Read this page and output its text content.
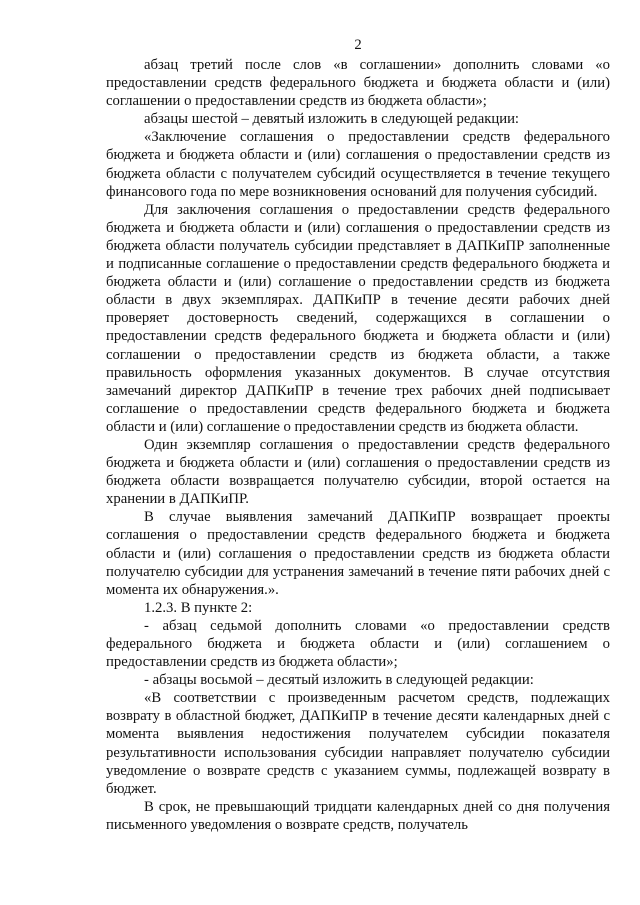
2

абзац третий после слов «в соглашении» дополнить словами «о предоставлении средств федерального бюджета и бюджета области и (или) соглашении о предоставлении средств из бюджета области»;

абзацы шестой – девятый изложить в следующей редакции:

«Заключение соглашения о предоставлении средств федерального бюджета и бюджета области и (или) соглашения о предоставлении средств из бюджета области с получателем субсидий осуществляется в течение текущего финансового года по мере возникновения оснований для получения субсидий.

Для заключения соглашения о предоставлении средств федерального бюджета и бюджета области и (или) соглашения о предоставлении средств из бюджета области получатель субсидии представляет в ДАПКиПР заполненные и подписанные соглашение о предоставлении средств федерального бюджета и бюджета области и (или) соглашение о предоставлении средств из бюджета области в двух экземплярах. ДАПКиПР в течение десяти рабочих дней проверяет достоверность сведений, содержащихся в соглашении о предоставлении средств федерального бюджета и бюджета области и (или) соглашении о предоставлении средств из бюджета области, а также правильность оформления указанных документов. В случае отсутствия замечаний директор ДАПКиПР в течение трех рабочих дней подписывает соглашение о предоставлении средств федерального бюджета и бюджета области и (или) соглашение о предоставлении средств из бюджета области.

Один экземпляр соглашения о предоставлении средств федерального бюджета и бюджета области и (или) соглашения о предоставлении средств из бюджета области возвращается получателю субсидии, второй остается на хранении в ДАПКиПР.

В случае выявления замечаний ДАПКиПР возвращает проекты соглашения о предоставлении средств федерального бюджета и бюджета области и (или) соглашения о предоставлении средств из бюджета области получателю субсидии для устранения замечаний в течение пяти рабочих дней с момента их обнаружения.».

1.2.3. В пункте 2:

- абзац седьмой дополнить словами «о предоставлении средств федерального бюджета и бюджета области и (или) соглашением о предоставлении средств из бюджета области»;

- абзацы восьмой – десятый изложить в следующей редакции:

«В соответствии с произведенным расчетом средств, подлежащих возврату в областной бюджет, ДАПКиПР в течение десяти календарных дней с момента выявления недостижения получателем субсидии показателя результативности использования субсидии направляет получателю субсидии уведомление о возврате средств с указанием суммы, подлежащей возврату в бюджет.

В срок, не превышающий тридцати календарных дней со дня получения письменного уведомления о возврате средств, получатель
